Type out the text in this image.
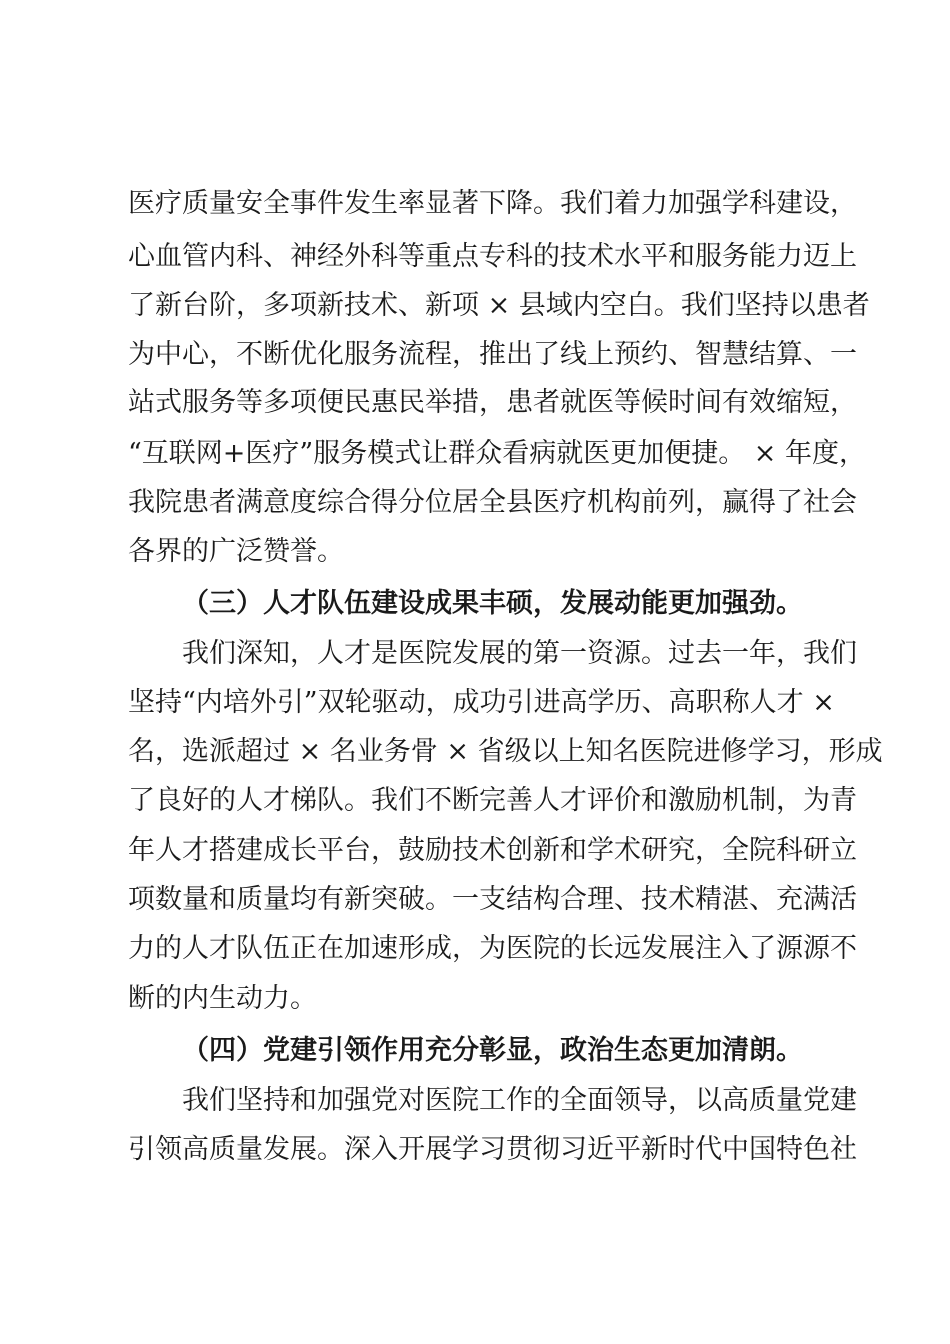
医疗质量安全事件发生率显著下降。我们着力加强学科建设，
心血管内科、神经外科等重点专科的技术水平和服务能力迈上
了新台阶，多项新技术、新项 × 县域内空白。我们坚持以患者
为中心，不断优化服务流程，推出了线上预约、智慧结算、一
站式服务等多项便民惠民举措，患者就医等候时间有效缩短，
“互联网+医疗”服务模式让群众看病就医更加便捷。 × 年度，
我院患者满意度综合得分位居全县医疗机构前列，赢得了社会
各界的广泛赞誉。
（三）人才队伍建设成果丰硕，发展动能更加强劲。
我们深知，人才是医院发展的第一资源。过去一年，我们
坚持“内培外引”双轮驱动，成功引进高学历、高职称人才 ×
名，选派超过 × 名业务骨 × 省级以上知名医院进修学习，形成
了良好的人才梯队。我们不断完善人才评价和激励机制，为青
年人才搭建成长平台，鼓励技术创新和学术研究，全院科研立
项数量和质量均有新突破。一支结构合理、技术精湛、充满活
力的人才队伍正在加速形成，为医院的长远发展注入了源源不
断的内生动力。
（四）党建引领作用充分彰显，政治生态更加清朗。
我们坚持和加强党对医院工作的全面领导，以高质量党建
引领高质量发展。深入开展学习贯彻习近平新时代中国特色社
